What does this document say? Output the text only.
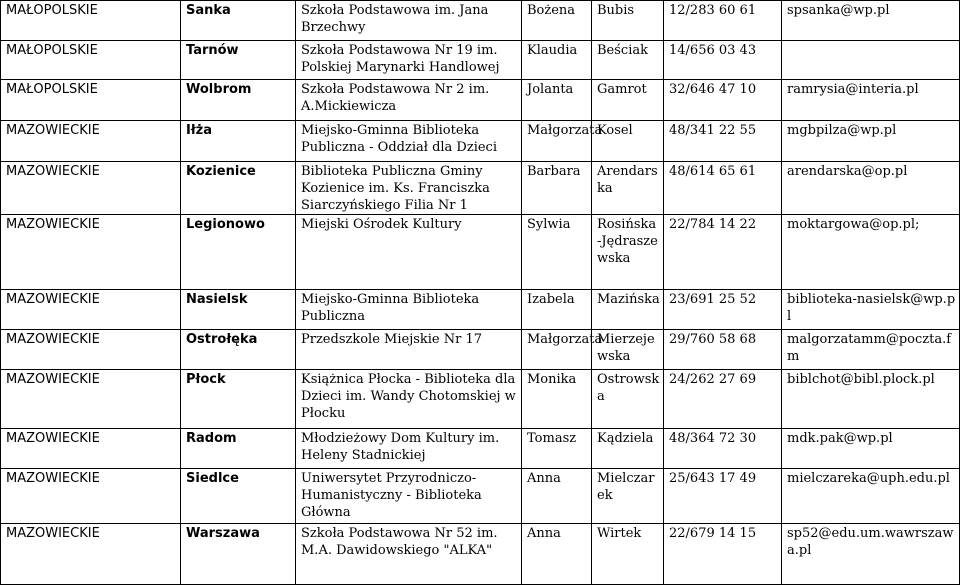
MAŁOPOLSKIE	Sanka	Szkoła Podstawowa im. Jana Brzechwy	Bożena	Bubis	12/283 60 61	spsanka@wp.pl
MAŁOPOLSKIE	Tarnów	Szkoła Podstawowa Nr 19 im. Polskiej Marynarki Handlowej	Klaudia	Beściak	14/656 03 43	
MAŁOPOLSKIE	Wolbrom	Szkoła Podstawowa Nr 2 im. A.Mickiewicza	Jolanta	Gamrot	32/646 47 10	ramrysia@interia.pl
MAZOWIECKIE	Iłża	Miejsko-Gminna Biblioteka Publiczna - Oddział dla Dzieci	Małgorzata	Kosel	48/341 22 55	mgbpilza@wp.pl
MAZOWIECKIE	Kozienice	Biblioteka Publiczna Gminy Kozienice im. Ks. Franciszka Siarczyńskiego Filia Nr 1	Barbara	Arendarska	48/614 65 61	arendarska@op.pl
MAZOWIECKIE	Legionowo	Miejski Ośrodek Kultury	Sylwia	Rosińska-Jędraszewska	22/784 14 22	moktargowa@op.pl;
MAZOWIECKIE	Nasielsk	Miejsko-Gminna Biblioteka Publiczna	Izabela	Mazińska	23/691 25 52	biblioteka-nasielsk@wp.pl
MAZOWIECKIE	Ostrołęka	Przedszkole Miejskie Nr 17	Małgorzata	Mierzejewska	29/760 58 68	malgorzatamm@poczta.fm
MAZOWIECKIE	Płock	Książnica Płocka - Biblioteka dla Dzieci im. Wandy Chotomskiej w Płocku	Monika	Ostrowska	24/262 27 69	biblchot@bibl.plock.pl
MAZOWIECKIE	Radom	Młodzieżowy Dom Kultury im. Heleny Stadnickiej	Tomasz	Kądziela	48/364 72 30	mdk.pak@wp.pl
MAZOWIECKIE	Siedlce	Uniwersytet Przyrodniczo-Humanistyczny - Biblioteka Główna	Anna	Mielczarek	25/643 17 49	mielczareka@uph.edu.pl
MAZOWIECKIE	Warszawa	Szkoła Podstawowa Nr 52 im. M.A. Dawidowskiego "ALKA"	Anna	Wirtek	22/679 14 15	sp52@edu.um.wawrszawa.pl
